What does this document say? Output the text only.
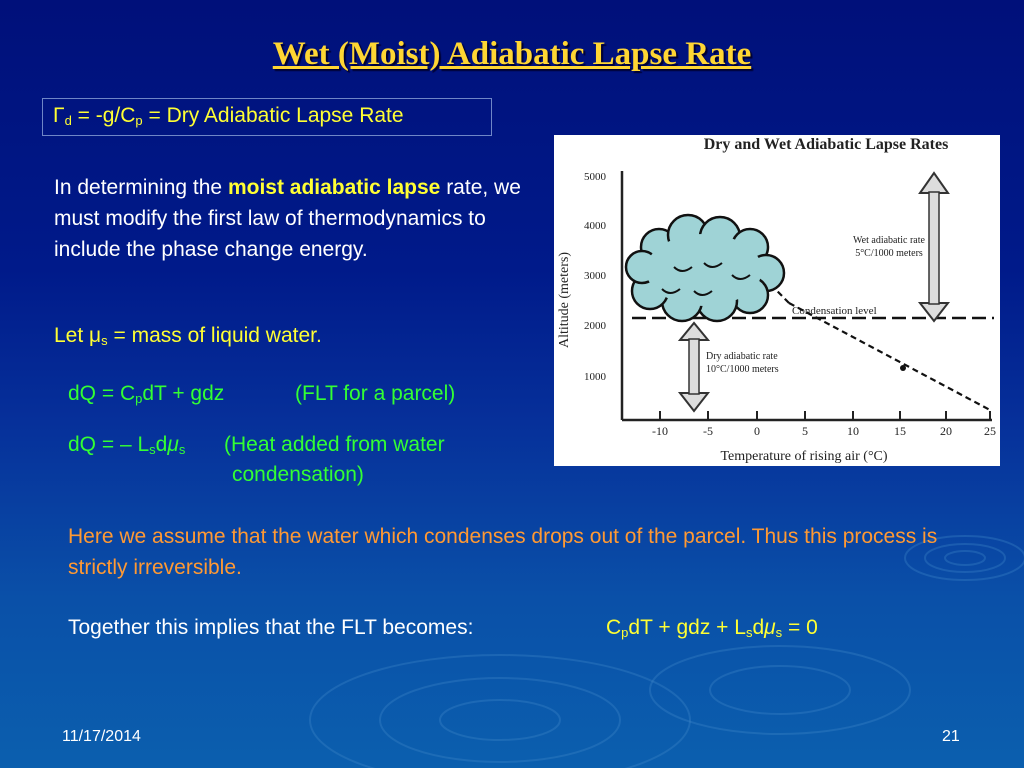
Wet (Moist) Adiabatic Lapse Rate
$\Gamma_d = -g/C_p$ = Dry Adiabatic Lapse Rate
In determining the moist adiabatic lapse rate, we must modify the first law of thermodynamics to include the phase change energy.
Let $\mu_s$ = mass of liquid water.
dQ = $C_pdT$ + gdz	(FLT for a parcel)
dQ = – $L_sd\mu_s$ (Heat added from water
condensation)
Here we assume that the water which condenses drops out of the parcel. Thus this process is strictly irreversible.
Together this implies that the FLT becomes:	$C_pdT$ + gdz + $L_sd\mu_s = 0$
11/17/2014	21
Dry and Wet Adiabatic Lapse Rates
1000
2000
3000
4000
5000
Altitude (meters)
-10	-5	0	5	10	15	20	25
Temperature of rising air (°C)
Condensation level
Wet adiabatic rate
5°C/1000 meters
Dry adiabatic rate
10°C/1000 meters
